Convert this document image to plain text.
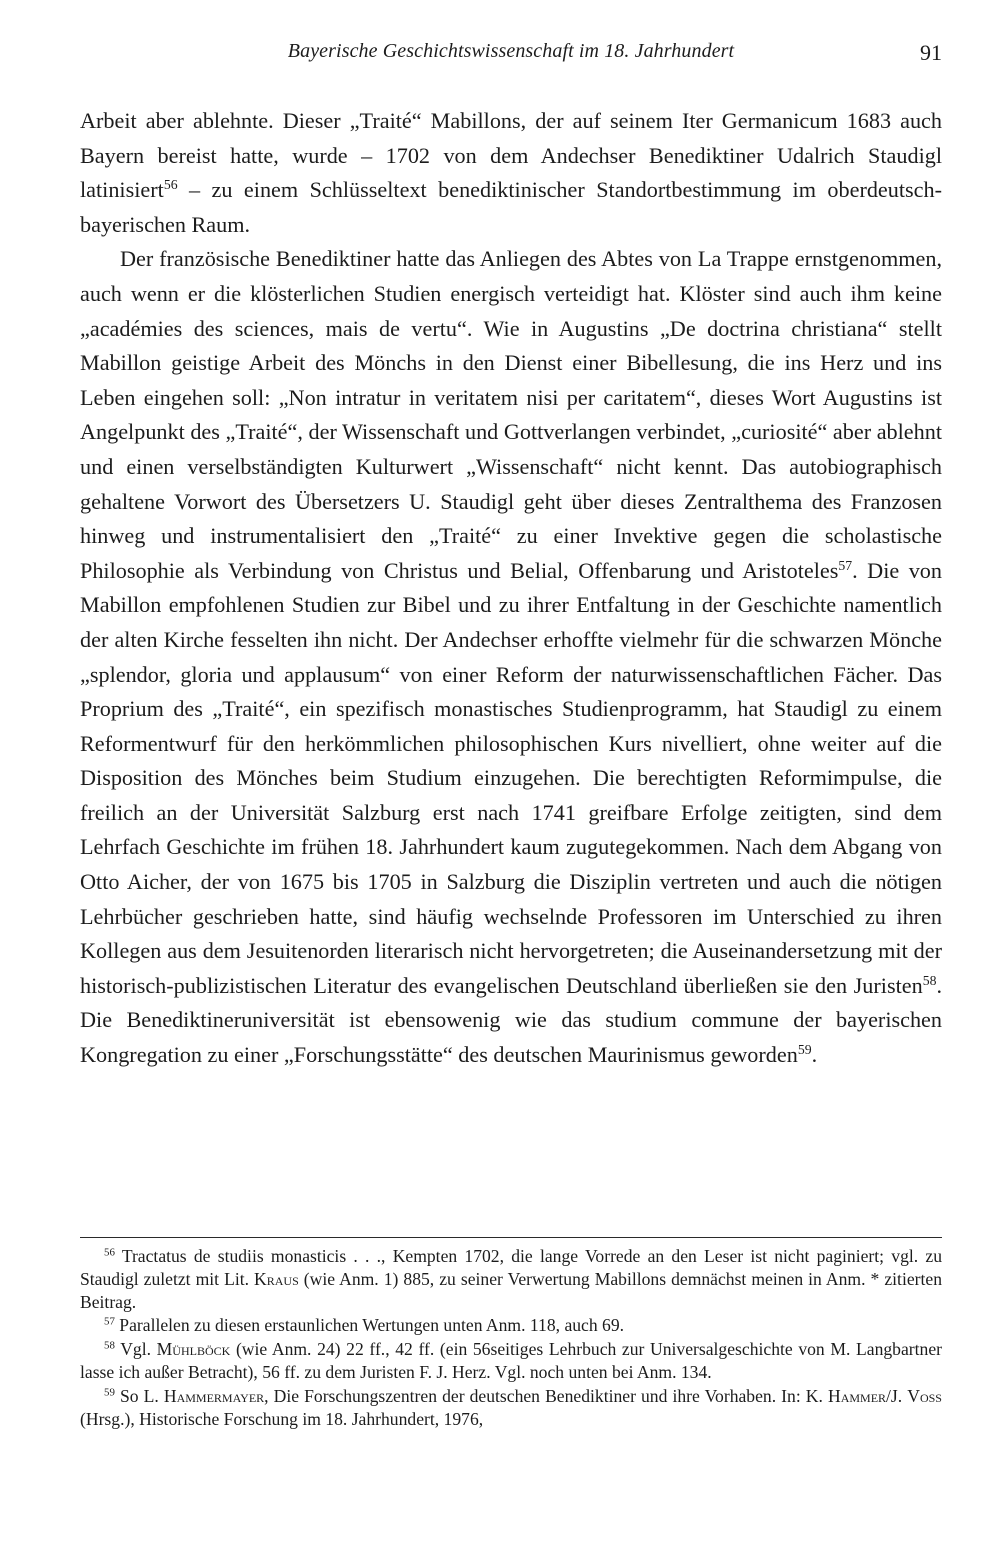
Bayerische Geschichtswissenschaft im 18. Jahrhundert	91

Arbeit aber ablehnte. Dieser „Traité“ Mabillons, der auf seinem Iter Germanicum 1683 auch Bayern bereist hatte, wurde – 1702 von dem Andechser Benediktiner Udalrich Staudigl latinisiert$^{56}$ – zu einem Schlüsseltext benediktinischer Standortbestimmung im oberdeutsch-bayerischen Raum.

Der französische Benediktiner hatte das Anliegen des Abtes von La Trappe ernstgenommen, auch wenn er die klösterlichen Studien energisch verteidigt hat. Klöster sind auch ihm keine „académies des sciences, mais de vertu“. Wie in Augustins „De doctrina christiana“ stellt Mabillon geistige Arbeit des Mönchs in den Dienst einer Bibellesung, die ins Herz und ins Leben eingehen soll: „Non intratur in veritatem nisi per caritatem“, dieses Wort Augustins ist Angelpunkt des „Traité“, der Wissenschaft und Gottverlangen verbindet, „curiosité“ aber ablehnt und einen verselbständigten Kulturwert „Wissenschaft“ nicht kennt. Das autobiographisch gehaltene Vorwort des Übersetzers U. Staudigl geht über dieses Zentralthema des Franzosen hinweg und instrumentalisiert den „Traité“ zu einer Invektive gegen die scholastische Philosophie als Verbindung von Christus und Belial, Offenbarung und Aristoteles$^{57}$. Die von Mabillon empfohlenen Studien zur Bibel und zu ihrer Entfaltung in der Geschichte namentlich der alten Kirche fesselten ihn nicht. Der Andechser erhoffte vielmehr für die schwarzen Mönche „splendor, gloria und applausum“ von einer Reform der naturwissenschaftlichen Fächer. Das Proprium des „Traité“, ein spezifisch monastisches Studienprogramm, hat Staudigl zu einem Reformentwurf für den herkömmlichen philosophischen Kurs nivelliert, ohne weiter auf die Disposition des Mönches beim Studium einzugehen. Die berechtigten Reformimpulse, die freilich an der Universität Salzburg erst nach 1741 greifbare Erfolge zeitigten, sind dem Lehrfach Geschichte im frühen 18. Jahrhundert kaum zugutegekommen. Nach dem Abgang von Otto Aicher, der von 1675 bis 1705 in Salzburg die Disziplin vertreten und auch die nötigen Lehrbücher geschrieben hatte, sind häufig wechselnde Professoren im Unterschied zu ihren Kollegen aus dem Jesuitenorden literarisch nicht hervorgetreten; die Auseinandersetzung mit der historisch-publizistischen Literatur des evangelischen Deutschland überließen sie den Juristen$^{58}$. Die Benediktineruniversität ist ebensowenig wie das studium commune der bayerischen Kongregation zu einer „Forschungsstätte“ des deutschen Maurinismus geworden$^{59}$.

$^{56}$ Tractatus de studiis monasticis . . ., Kempten 1702, die lange Vorrede an den Leser ist nicht paginiert; vgl. zu Staudigl zuletzt mit Lit. Kraus (wie Anm. 1) 885, zu seiner Verwertung Mabillons demnächst meinen in Anm. * zitierten Beitrag.

$^{57}$ Parallelen zu diesen erstaunlichen Wertungen unten Anm. 118, auch 69.

$^{58}$ Vgl. Mühlböck (wie Anm. 24) 22 ff., 42 ff. (ein 56seitiges Lehrbuch zur Universalgeschichte von M. Langbartner lasse ich außer Betracht), 56 ff. zu dem Juristen F. J. Herz. Vgl. noch unten bei Anm. 134.

$^{59}$ So L. Hammermayer, Die Forschungszentren der deutschen Benediktiner und ihre Vorhaben. In: K. Hammer/J. Voss (Hrsg.), Historische Forschung im 18. Jahrhundert, 1976,
